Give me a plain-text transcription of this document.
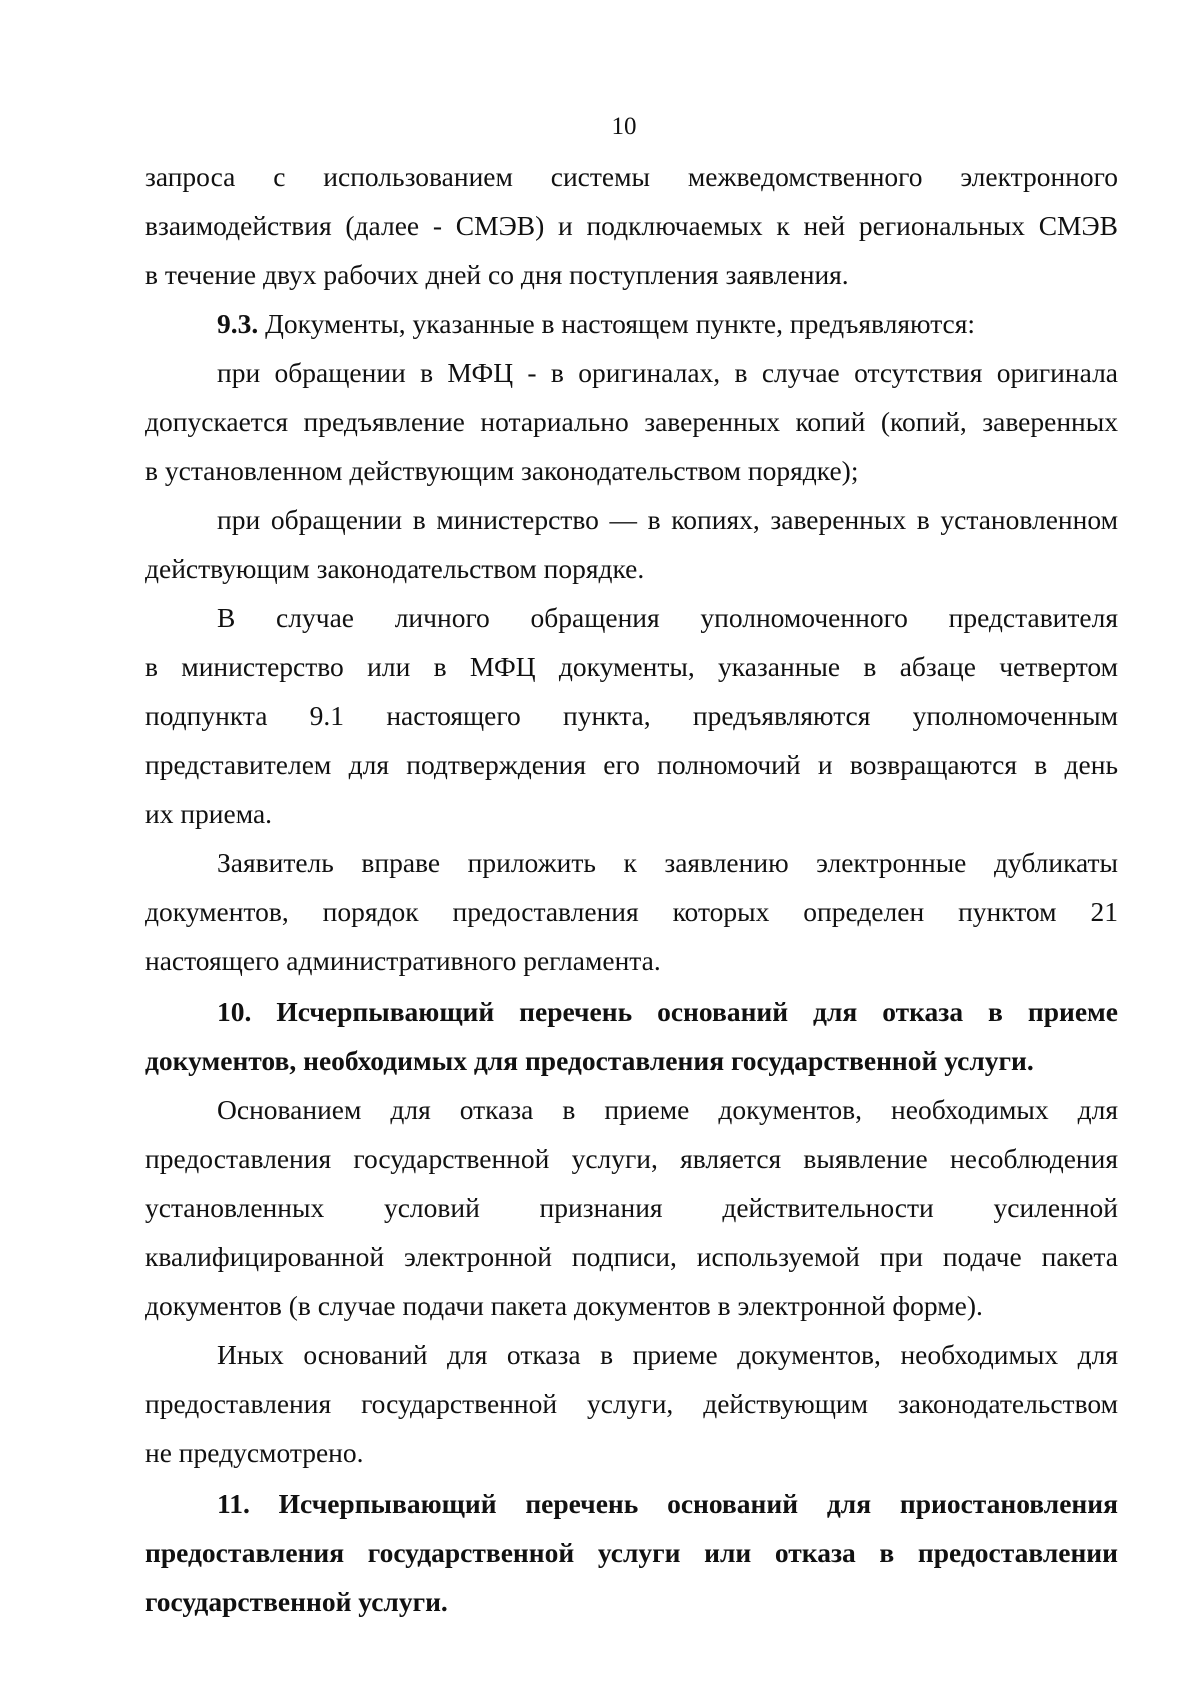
10
запроса с использованием системы межведомственного электронного
взаимодействия (далее - СМЭВ) и подключаемых к ней региональных СМЭВ
в течение двух рабочих дней со дня поступления заявления.
9.3. Документы, указанные в настоящем пункте, предъявляются:
при обращении в МФЦ - в оригиналах, в случае отсутствия оригинала
допускается предъявление нотариально заверенных копий (копий, заверенных
в установленном действующим законодательством порядке);
при обращении в министерство — в копиях, заверенных в установленном
действующим законодательством порядке.
В случае личного обращения уполномоченного представителя
в министерство или в МФЦ документы, указанные в абзаце четвертом
подпункта 9.1 настоящего пункта, предъявляются уполномоченным
представителем для подтверждения его полномочий и возвращаются в день
их приема.
Заявитель вправе приложить к заявлению электронные дубликаты
документов, порядок предоставления которых определен пунктом 21
настоящего административного регламента.
10. Исчерпывающий перечень оснований для отказа в приеме
документов, необходимых для предоставления государственной услуги.
Основанием для отказа в приеме документов, необходимых для
предоставления государственной услуги, является выявление несоблюдения
установленных условий признания действительности усиленной
квалифицированной электронной подписи, используемой при подаче пакета
документов (в случае подачи пакета документов в электронной форме).
Иных оснований для отказа в приеме документов, необходимых для
предоставления государственной услуги, действующим законодательством
не предусмотрено.
11. Исчерпывающий перечень оснований для приостановления
предоставления государственной услуги или отказа в предоставлении
государственной услуги.
